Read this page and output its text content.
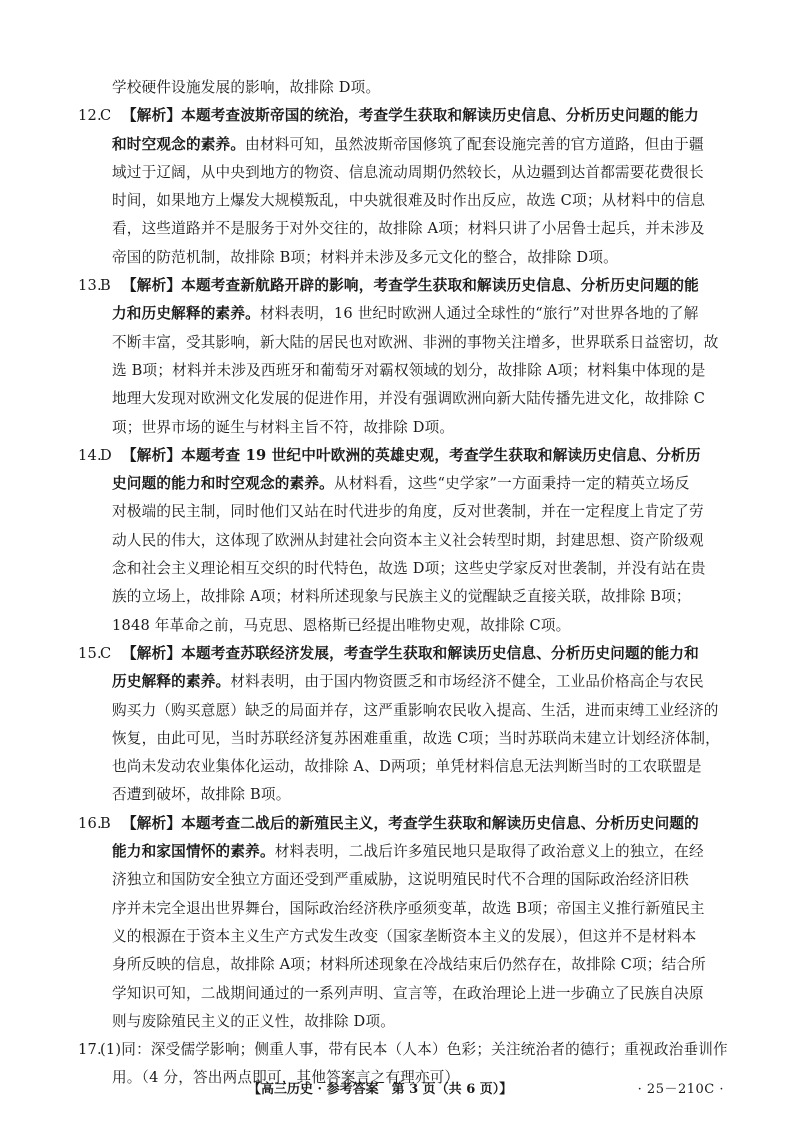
学校硬件设施发展的影响，故排除 D项。
12.C 【解析】本题考查波斯帝国的统治，考查学生获取和解读历史信息、分析历史问题的能力
和时空观念的素养。由材料可知，虽然波斯帝国修筑了配套设施完善的官方道路，但由于疆
域过于辽阔，从中央到地方的物资、信息流动周期仍然较长，从边疆到达首都需要花费很长
时间，如果地方上爆发大规模叛乱，中央就很难及时作出反应，故选 C项；从材料中的信息
看，这些道路并不是服务于对外交往的，故排除 A项；材料只讲了小居鲁士起兵，并未涉及
帝国的防范机制，故排除 B项；材料并未涉及多元文化的整合，故排除 D项。
13.B 【解析】本题考查新航路开辟的影响，考查学生获取和解读历史信息、分析历史问题的能
力和历史解释的素养。材料表明，16 世纪时欧洲人通过全球性的“旅行”对世界各地的了解
不断丰富，受其影响，新大陆的居民也对欧洲、非洲的事物关注增多，世界联系日益密切，故
选 B项；材料并未涉及西班牙和葡萄牙对霸权领域的划分，故排除 A项；材料集中体现的是
地理大发现对欧洲文化发展的促进作用，并没有强调欧洲向新大陆传播先进文化，故排除 C
项；世界市场的诞生与材料主旨不符，故排除 D项。
14.D 【解析】本题考查 19 世纪中叶欧洲的英雄史观，考查学生获取和解读历史信息、分析历
史问题的能力和时空观念的素养。从材料看，这些“史学家”一方面秉持一定的精英立场反
对极端的民主制，同时他们又站在时代进步的角度，反对世袭制，并在一定程度上肯定了劳
动人民的伟大，这体现了欧洲从封建社会向资本主义社会转型时期，封建思想、资产阶级观
念和社会主义理论相互交织的时代特色，故选 D项；这些史学家反对世袭制，并没有站在贵
族的立场上，故排除 A项；材料所述现象与民族主义的觉醒缺乏直接关联，故排除 B项；
1848 年革命之前，马克思、恩格斯已经提出唯物史观，故排除 C项。
15.C 【解析】本题考查苏联经济发展，考查学生获取和解读历史信息、分析历史问题的能力和
历史解释的素养。材料表明，由于国内物资匮乏和市场经济不健全，工业品价格高企与农民
购买力（购买意愿）缺乏的局面并存，这严重影响农民收入提高、生活，进而束缚工业经济的
恢复，由此可见，当时苏联经济复苏困难重重，故选 C项；当时苏联尚未建立计划经济体制，
也尚未发动农业集体化运动，故排除 A、D两项；单凭材料信息无法判断当时的工农联盟是
否遭到破坏，故排除 B项。
16.B 【解析】本题考查二战后的新殖民主义，考查学生获取和解读历史信息、分析历史问题的
能力和家国情怀的素养。材料表明，二战后许多殖民地只是取得了政治意义上的独立，在经
济独立和国防安全独立方面还受到严重威胁，这说明殖民时代不合理的国际政治经济旧秩
序并未完全退出世界舞台，国际政治经济秩序亟须变革，故选 B项；帝国主义推行新殖民主
义的根源在于资本主义生产方式发生改变（国家垄断资本主义的发展），但这并不是材料本
身所反映的信息，故排除 A项；材料所述现象在冷战结束后仍然存在，故排除 C项；结合所
学知识可知，二战期间通过的一系列声明、宣言等，在政治理论上进一步确立了民族自决原
则与废除殖民主义的正义性，故排除 D项。
17.(1)同：深受儒学影响；侧重人事，带有民本（人本）色彩；关注统治者的德行；重视政治垂训作
用。（4 分，答出两点即可，其他答案言之有理亦可）
【高三历史 · 参考答案　第 3 页（共 6 页）】	· 25－210C ·
